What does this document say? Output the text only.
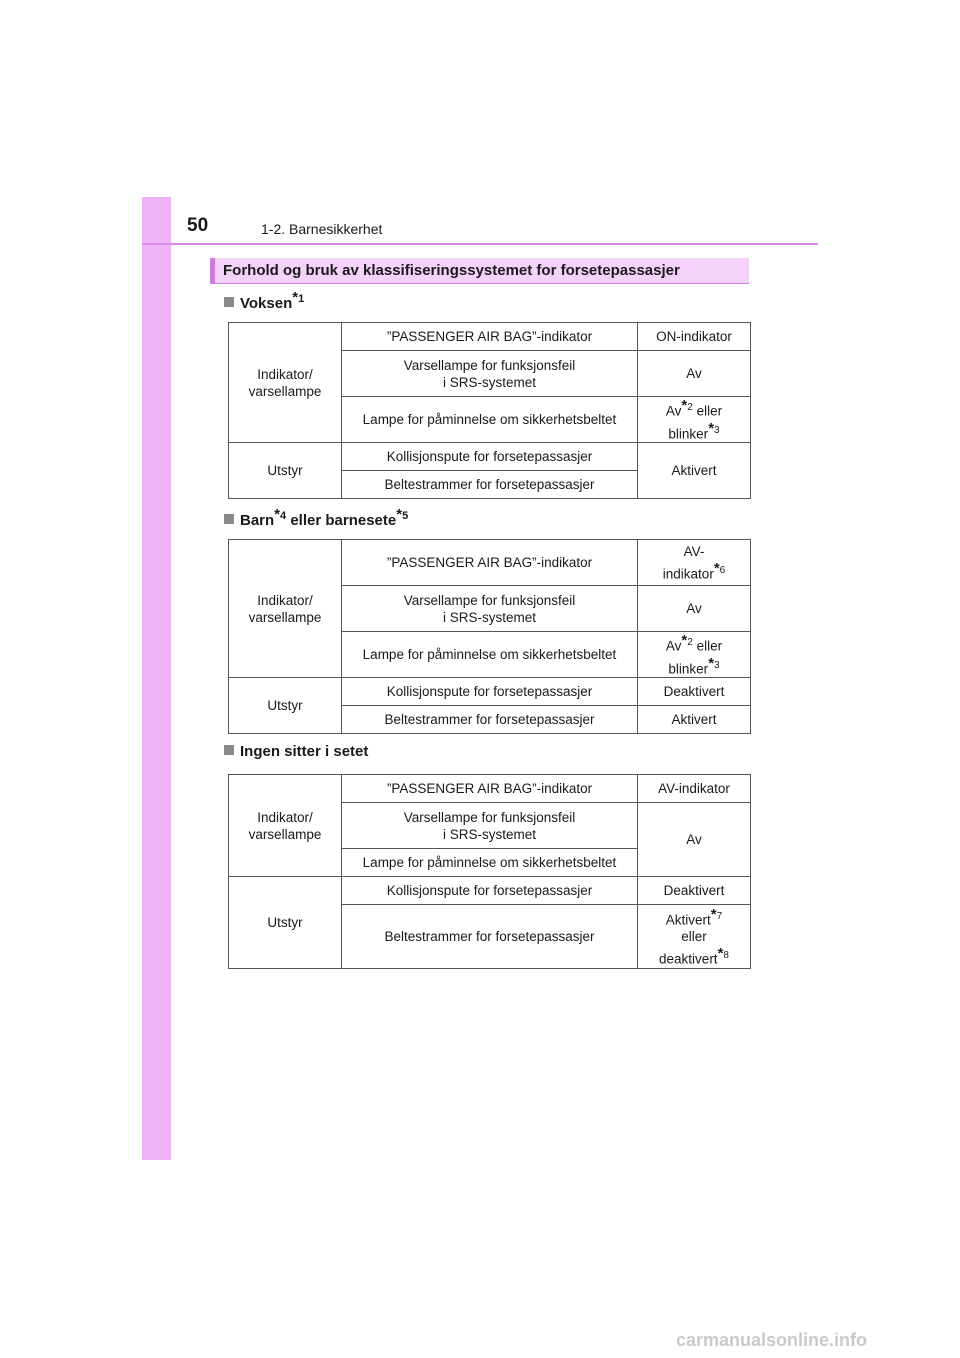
50	1-2. Barnesikkerhet
Forhold og bruk av klassifiseringssystemet for forsetepassasjer
Voksen$^{*1}$
Indikator/
varsellampe	”PASSENGER AIR BAG”-indikator	ON-indikator
	Varsellampe for funksjonsfeil
i SRS-systemet	Av
	Lampe for påminnelse om sikkerhetsbeltet	Av$^{*2}$ eller
blinker$^{*3}$
Utstyr	Kollisjonspute for forsetepassasjer	Aktivert
	Beltestrammer for forsetepassasjer	
Barn$^{*4}$ eller barnesete$^{*5}$
Indikator/
varsellampe	”PASSENGER AIR BAG”-indikator	AV-
indikator$^{*6}$
	Varsellampe for funksjonsfeil
i SRS-systemet	Av
	Lampe for påminnelse om sikkerhetsbeltet	Av$^{*2}$ eller
blinker$^{*3}$
Utstyr	Kollisjonspute for forsetepassasjer	Deaktivert
	Beltestrammer for forsetepassasjer	Aktivert
Ingen sitter i setet
Indikator/
varsellampe	”PASSENGER AIR BAG”-indikator	AV-indikator
	Varsellampe for funksjonsfeil
i SRS-systemet	Av
	Lampe for påminnelse om sikkerhetsbeltet	
Utstyr	Kollisjonspute for forsetepassasjer	Deaktivert
	Beltestrammer for forsetepassasjer	Aktivert$^{*7}$
eller
deaktivert$^{*8}$
carmanualsonline.info
